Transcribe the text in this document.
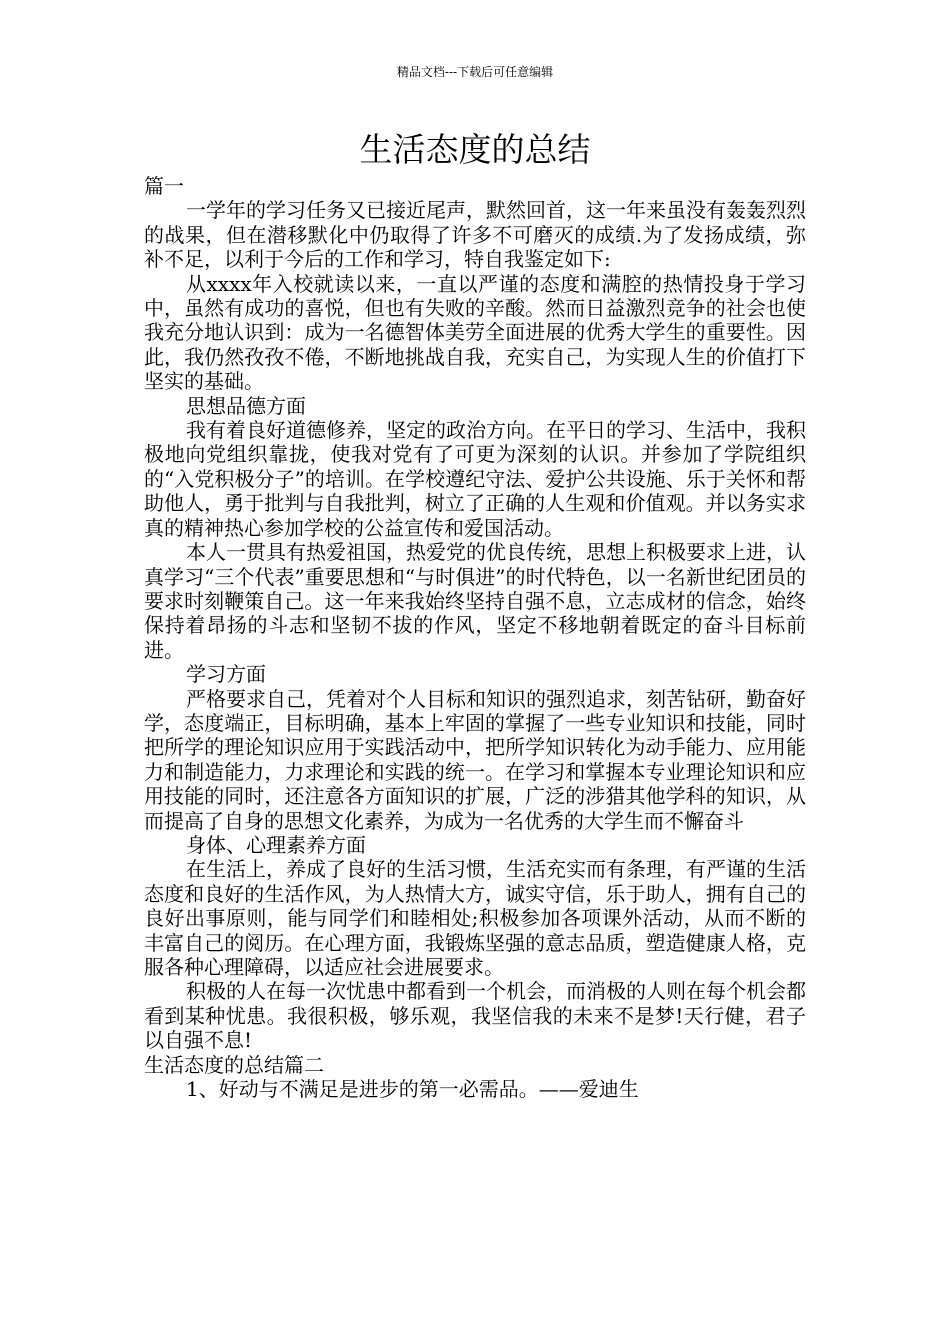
精品文档---下载后可任意编辑
生活态度的总结

篇一

一学年的学习任务又已接近尾声，默然回首，这一年来虽没有轰轰烈烈的战果，但在潜移默化中仍取得了许多不可磨灭的成绩.为了发扬成绩，弥补不足，以利于今后的工作和学习，特自我鉴定如下:

从xxxx年入校就读以来，一直以严谨的态度和满腔的热情投身于学习中，虽然有成功的喜悦，但也有失败的辛酸。然而日益激烈竞争的社会也使我充分地认识到：成为一名德智体美劳全面进展的优秀大学生的重要性。因此，我仍然孜孜不倦，不断地挑战自我，充实自己，为实现人生的价值打下坚实的基础。

思想品德方面

我有着良好道德修养，坚定的政治方向。在平日的学习、生活中，我积极地向党组织靠拢，使我对党有了可更为深刻的认识。并参加了学院组织的“入党积极分子”的培训。在学校遵纪守法、爱护公共设施、乐于关怀和帮助他人，勇于批判与自我批判，树立了正确的人生观和价值观。并以务实求真的精神热心参加学校的公益宣传和爱国活动。

本人一贯具有热爱祖国，热爱党的优良传统，思想上积极要求上进，认真学习“三个代表”重要思想和“与时俱进”的时代特色，以一名新世纪团员的要求时刻鞭策自己。这一年来我始终坚持自强不息，立志成材的信念，始终保持着昂扬的斗志和坚韧不拔的作风，坚定不移地朝着既定的奋斗目标前进。

学习方面

严格要求自己，凭着对个人目标和知识的强烈追求，刻苦钻研，勤奋好学，态度端正，目标明确，基本上牢固的掌握了一些专业知识和技能，同时把所学的理论知识应用于实践活动中，把所学知识转化为动手能力、应用能力和制造能力，力求理论和实践的统一。在学习和掌握本专业理论知识和应用技能的同时，还注意各方面知识的扩展，广泛的涉猎其他学科的知识，从而提高了自身的思想文化素养，为成为一名优秀的大学生而不懈奋斗

身体、心理素养方面

在生活上，养成了良好的生活习惯，生活充实而有条理，有严谨的生活态度和良好的生活作风，为人热情大方，诚实守信，乐于助人，拥有自己的良好出事原则，能与同学们和睦相处;积极参加各项课外活动，从而不断的丰富自己的阅历。在心理方面，我锻炼坚强的意志品质，塑造健康人格，克服各种心理障碍，以适应社会进展要求。

积极的人在每一次忧患中都看到一个机会，而消极的人则在每个机会都看到某种忧患。我很积极，够乐观，我坚信我的未来不是梦!天行健，君子以自强不息!

生活态度的总结篇二

1、好动与不满足是进步的第一必需品。——爱迪生
